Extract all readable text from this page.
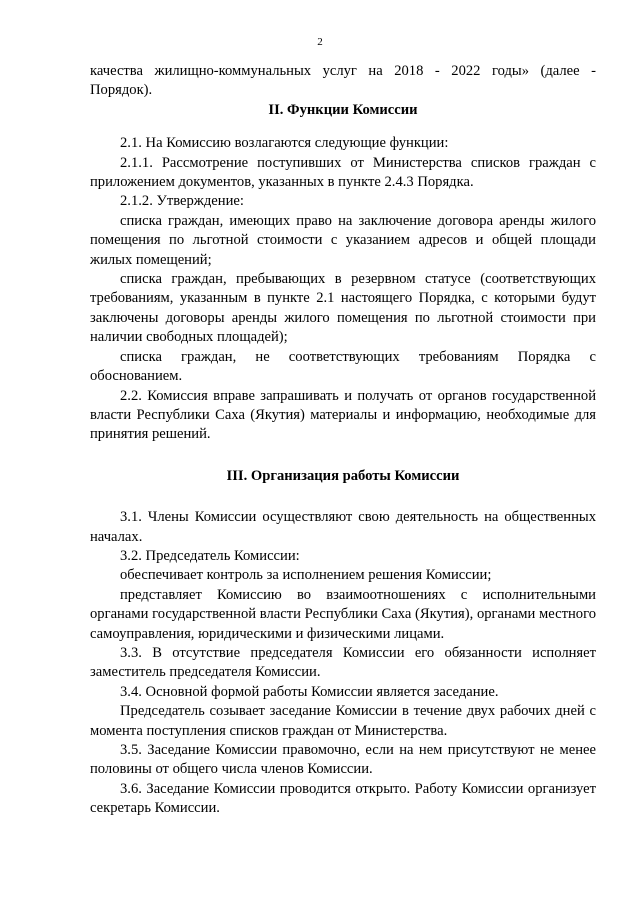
2

качества жилищно-коммунальных услуг на 2018 - 2022 годы» (далее -

Порядок).

II. Функции Комиссии

2.1. На Комиссию возлагаются следующие функции:

2.1.1. Рассмотрение поступивших от Министерства списков граждан с приложением документов, указанных в пункте 2.4.3 Порядка.

2.1.2. Утверждение:

списка граждан, имеющих право на заключение договора аренды жилого помещения по льготной стоимости с указанием адресов и общей площади жилых помещений;

списка граждан, пребывающих в резервном статусе (соответствующих требованиям, указанным в пункте 2.1 настоящего Порядка, с которыми будут заключены договоры аренды жилого помещения по льготной стоимости при наличии свободных площадей);

списка граждан, не соответствующих требованиям Порядка с обоснованием.

2.2. Комиссия вправе запрашивать и получать от органов государственной власти Республики Саха (Якутия) материалы и информацию, необходимые для принятия решений.

III. Организация работы Комиссии

3.1. Члены Комиссии осуществляют свою деятельность на общественных началах.

3.2. Председатель Комиссии:

обеспечивает контроль за исполнением решения Комиссии;

представляет Комиссию во взаимоотношениях с исполнительными органами государственной власти Республики Саха (Якутия), органами местного самоуправления, юридическими и физическими лицами.

3.3. В отсутствие председателя Комиссии его обязанности исполняет заместитель председателя Комиссии.

3.4. Основной формой работы Комиссии является заседание.

Председатель созывает заседание Комиссии в течение двух рабочих дней с момента поступления списков граждан от Министерства.

3.5. Заседание Комиссии правомочно, если на нем присутствуют не менее половины от общего числа членов Комиссии.

3.6. Заседание Комиссии проводится открыто. Работу Комиссии организует секретарь Комиссии.
